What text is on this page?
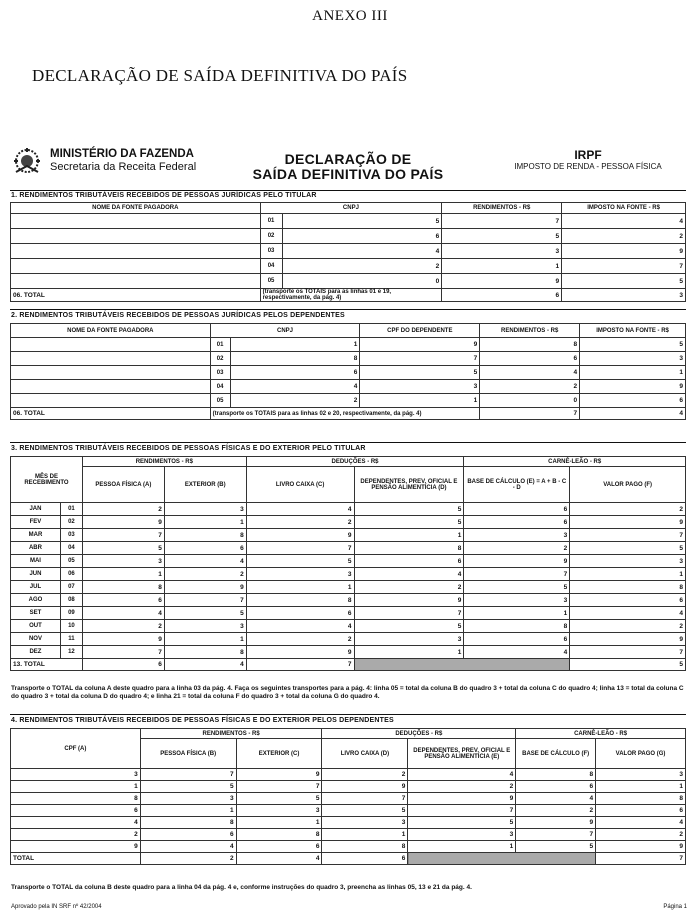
ANEXO III
DECLARAÇÃO DE SAÍDA DEFINITIVA DO PAÍS
MINISTÉRIO DA FAZENDA
Secretaria da Receita Federal	DECLARAÇÃO DE
SAÍDA DEFINITIVA DO PAÍS
IRPF
IMPOSTO DE RENDA - PESSOA FÍSICA
1. RENDIMENTOS TRIBUTÁVEIS RECEBIDOS DE PESSOAS JURÍDICAS PELO TITULAR
NOME DA FONTE PAGADORA	CNPJ		RENDIMENTOS - R$	IMPOSTO NA FONTE - R$
	01	5	7	4
	02	6	5	2
	03	4	3	9
	04	2	1	7
	05	0	9	5
06. TOTAL	(transporte os TOTAIS para as linhas 01 e 19, respectivamente, da pág. 4)		6	3
2. RENDIMENTOS TRIBUTÁVEIS RECEBIDOS DE PESSOAS JURÍDICAS PELOS DEPENDENTES
NOME DA FONTE PAGADORA	CNPJ		CPF DO DEPENDENTE	RENDIMENTOS - R$	IMPOSTO NA FONTE - R$
	01	1	9	8	5
	02	8	7	6	3
	03	6	5	4	1
	04	4	3	2	9
	05	2	1	0	6
06. TOTAL	(transporte os TOTAIS para as linhas 02 e 20, respectivamente, da pág. 4)			7	4
3. RENDIMENTOS TRIBUTÁVEIS RECEBIDOS DE PESSOAS FÍSICAS E DO EXTERIOR PELO TITULAR
MÊS DE RECEBIMENTO		RENDIMENTOS - R$		DEDUÇÕES - R$		CARNÊ-LEÃO - R$	
		PESSOA FÍSICA (A)	EXTERIOR (B)	LIVRO CAIXA (C)	DEPENDENTES, PREV. OFICIAL E PENSÃO ALIMENTÍCIA (D)	BASE DE CÁLCULO (E) = A + B - C - D	VALOR PAGO (F)
JAN	01	2	3	4	5	6	2
FEV	02	9	1	2	5	6	9
MAR	03	7	8	9	1	3	7
ABR	04	5	6	7	8	2	5
MAI	05	3	4	5	6	9	3
JUN	06	1	2	3	4	7	1
JUL	07	8	9	1	2	5	8
AGO	08	6	7	8	9	3	6
SET	09	4	5	6	7	1	4
OUT	10	2	3	4	5	8	2
NOV	11	9	1	2	3	6	9
DEZ	12	7	8	9	1	4	7
13. TOTAL		6	4	7			5
Transporte o TOTAL da coluna A deste quadro para a linha 03 da pág. 4. Faça os seguintes transportes para a pág. 4: linha 05 = total da coluna B do quadro 3 + total da coluna C do quadro 4; linha 13 = total da coluna C do quadro 3 + total da coluna D do quadro 4; e linha 21 = total da coluna F do quadro 3 + total da coluna G do quadro 4.
4. RENDIMENTOS TRIBUTÁVEIS RECEBIDOS DE PESSOAS FÍSICAS E DO EXTERIOR PELOS DEPENDENTES
CPF (A)	RENDIMENTOS - R$		DEDUÇÕES - R$		CARNÊ-LEÃO - R$	
	PESSOA FÍSICA (B)	EXTERIOR (C)	LIVRO CAIXA (D)	DEPENDENTES, PREV. OFICIAL E PENSÃO ALIMENTÍCIA (E)	BASE DE CÁLCULO (F)	VALOR PAGO (G)
3	7	9	2	4	8	3
1	5	7	9	2	6	1
8	3	5	7	9	4	8
6	1	3	5	7	2	6
4	8	1	3	5	9	4
2	6	8	1	3	7	2
9	4	6	8	1	5	9
TOTAL	2	4	6			7
Transporte o TOTAL da coluna B deste quadro para a linha 04 da pág. 4 e, conforme instruções do quadro 3, preencha as linhas 05, 13 e 21 da pág. 4.
Aprovado pela IN SRF nº 42/2004	Página 1
